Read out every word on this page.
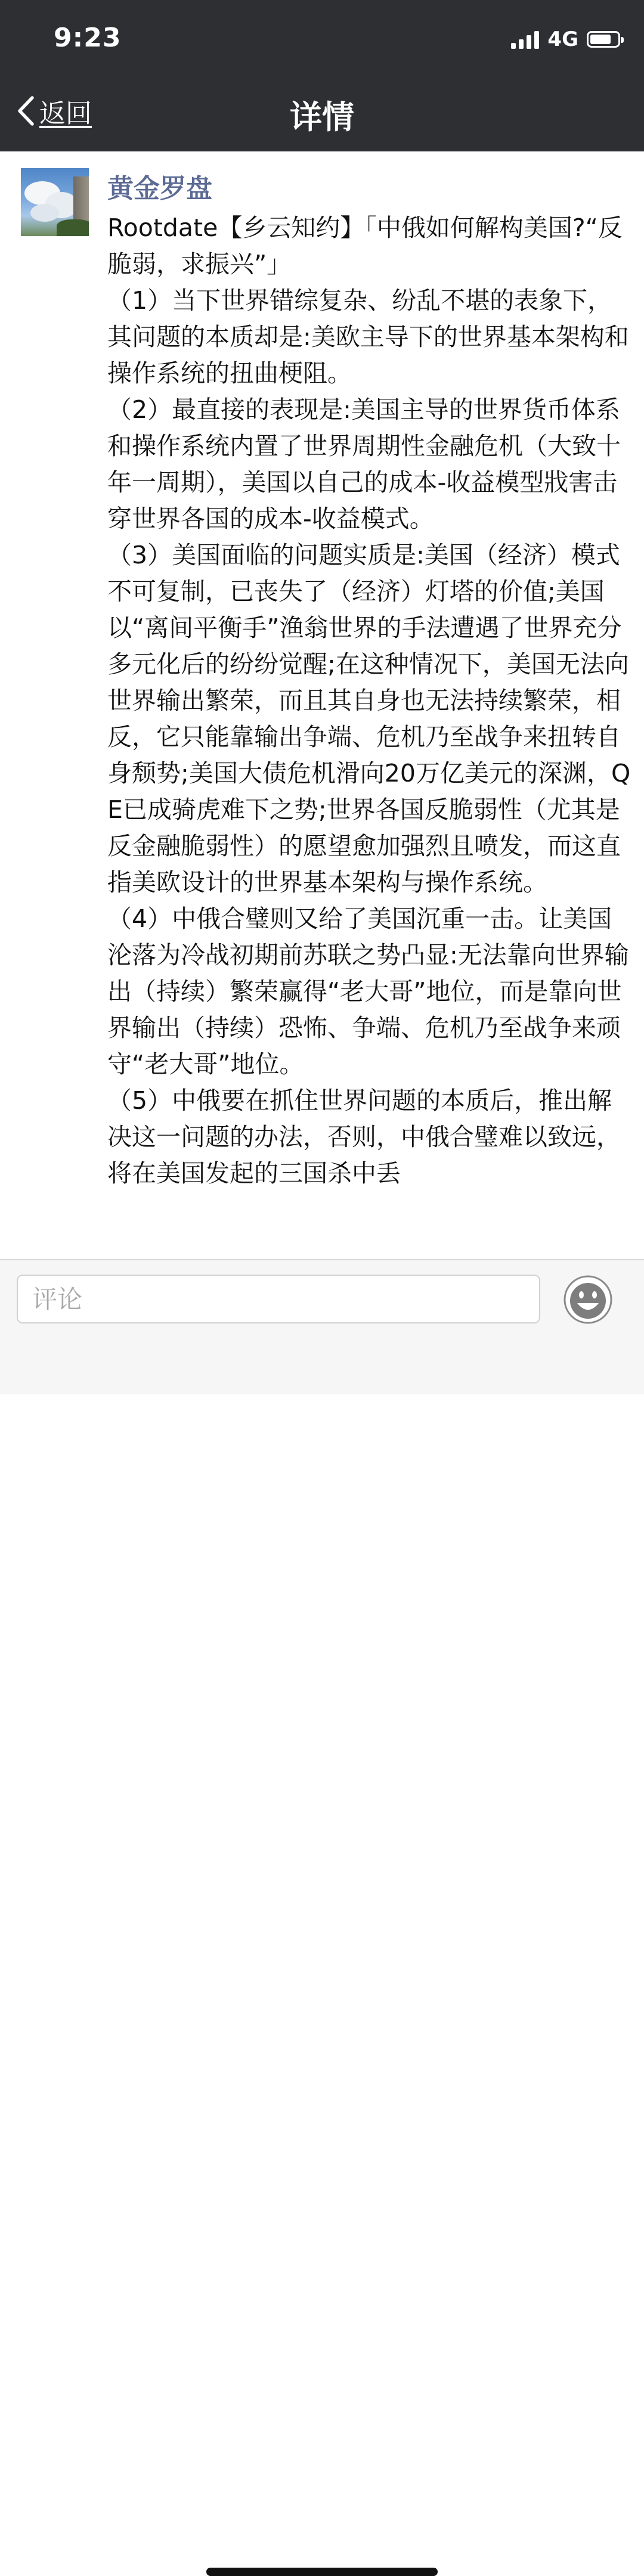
9:23	4G
返回	详情
黄金罗盘

Rootdate【乡云知约】「中俄如何解构美国?“反脆弱，求振兴”」
（1）当下世界错综复杂、纷乱不堪的表象下，其问题的本质却是:美欧主导下的世界基本架构和操作系统的扭曲梗阻。
（2）最直接的表现是:美国主导的世界货币体系和操作系统内置了世界周期性金融危机（大致十年一周期），美国以自己的成本-收益模型戕害击穿世界各国的成本-收益模式。
（3）美国面临的问题实质是:美国（经济）模式不可复制，已丧失了（经济）灯塔的价值;美国以“离间平衡手”渔翁世界的手法遭遇了世界充分多元化后的纷纷觉醒;在这种情况下，美国无法向世界输出繁荣，而且其自身也无法持续繁荣，相反，它只能靠输出争端、危机乃至战争来扭转自身颓势;美国大债危机滑向20万亿美元的深渊，QE已成骑虎难下之势;世界各国反脆弱性（尤其是反金融脆弱性）的愿望愈加强烈且喷发，而这直指美欧设计的世界基本架构与操作系统。
（4）中俄合璧则又给了美国沉重一击。让美国沦落为冷战初期前苏联之势凸显:无法靠向世界输出（持续）繁荣赢得“老大哥”地位，而是靠向世界输出（持续）恐怖、争端、危机乃至战争来顽守“老大哥”地位。
（5）中俄要在抓住世界问题的本质后，推出解决这一问题的办法，否则，中俄合璧难以致远，将在美国发起的三国杀中丢

评论
